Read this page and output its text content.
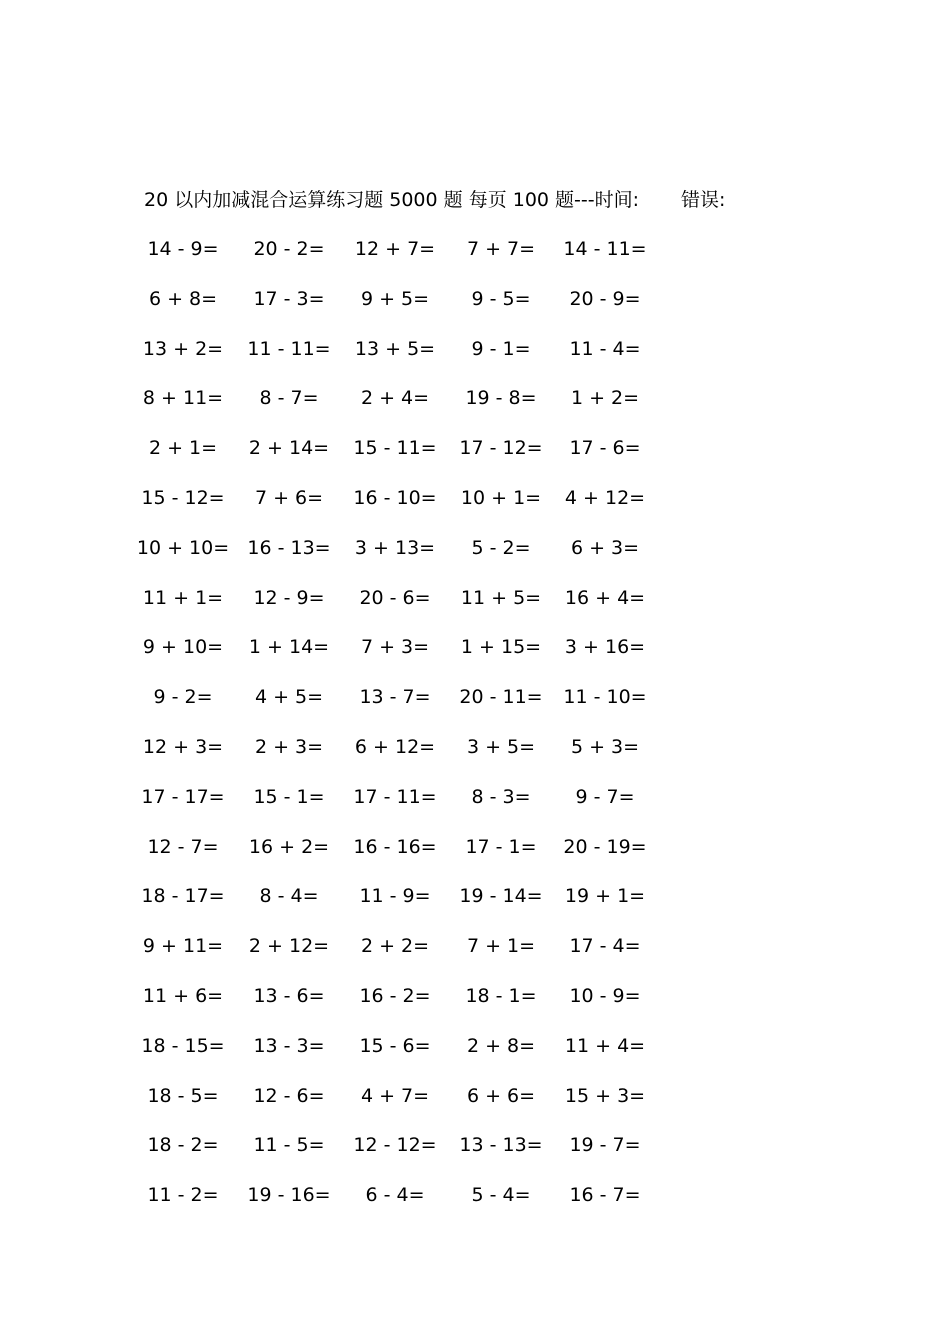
20 以内加减混合运算练习题 5000 题 每页 100 题---时间: 错误:
14 - 9= 20 - 2= 12 + 7= 7 + 7= 14 - 11=
6 + 8= 17 - 3= 9 + 5= 9 - 5= 20 - 9=
13 + 2= 11 - 11= 13 + 5= 9 - 1= 11 - 4=
8 + 11= 8 - 7= 2 + 4= 19 - 8= 1 + 2=
2 + 1= 2 + 14= 15 - 11= 17 - 12= 17 - 6=
15 - 12= 7 + 6= 16 - 10= 10 + 1= 4 + 12=
10 + 10= 16 - 13= 3 + 13= 5 - 2= 6 + 3=
11 + 1= 12 - 9= 20 - 6= 11 + 5= 16 + 4=
9 + 10= 1 + 14= 7 + 3= 1 + 15= 3 + 16=
9 - 2= 4 + 5= 13 - 7= 20 - 11= 11 - 10=
12 + 3= 2 + 3= 6 + 12= 3 + 5= 5 + 3=
17 - 17= 15 - 1= 17 - 11= 8 - 3= 9 - 7=
12 - 7= 16 + 2= 16 - 16= 17 - 1= 20 - 19=
18 - 17= 8 - 4= 11 - 9= 19 - 14= 19 + 1=
9 + 11= 2 + 12= 2 + 2= 7 + 1= 17 - 4=
11 + 6= 13 - 6= 16 - 2= 18 - 1= 10 - 9=
18 - 15= 13 - 3= 15 - 6= 2 + 8= 11 + 4=
18 - 5= 12 - 6= 4 + 7= 6 + 6= 15 + 3=
18 - 2= 11 - 5= 12 - 12= 13 - 13= 19 - 7=
11 - 2= 19 - 16= 6 - 4= 5 - 4= 16 - 7=
